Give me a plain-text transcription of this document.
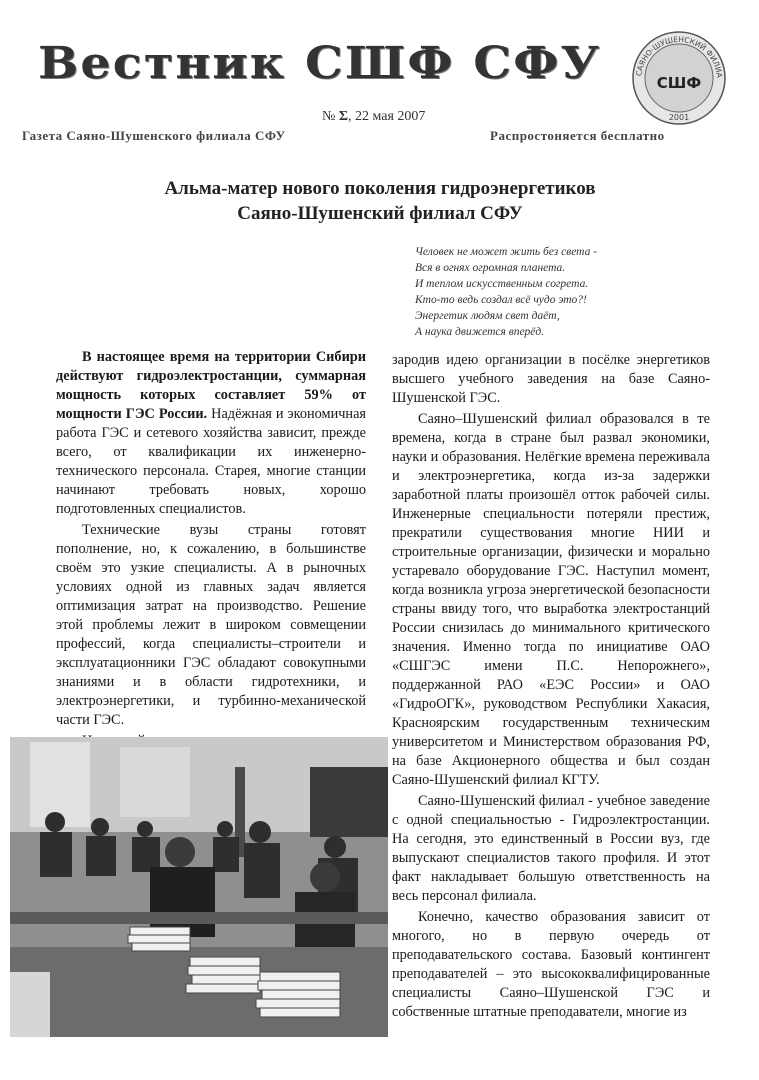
Вестник СШФ СФУ	САЯНО-ШУШЕНСКИЙ ФИЛИА
СШФ
2001
№ Σ, 22 мая 2007
Газета Саяно-Шушенского филиала СФУ	Распростоняется бесплатно
Альма-матер нового поколения гидроэнергетиков
Саяно-Шушенский филиал СФУ
Человек не может жить без света -
Вся в огнях огромная планета.
И теплом искусственным согрета.
Кто-то ведь создал всё чудо это?!
Энергетик людям свет даёт,
А наука движется вперёд.

В настоящее время на территории Сибири действуют гидроэлектростанции, суммарная мощность которых составляет 59% от мощности ГЭС России. Надёжная и экономичная работа ГЭС и сетевого хозяйства зависит, прежде всего, от квалификации их инженерно-технического персонала. Старея, многие станции начинают требовать новых, хорошо подготовленных специалистов.

Технические вузы страны готовят пополнение, но, к сожалению, в большинстве своём это узкие специалисты. А в рыночных условиях одной из главных задач является оптимизация затрат на производство. Решение этой проблемы лежит в широком совмещении профессий, когда специалисты–строители и эксплуатационники ГЭС обладают совокупными знаниями и в области гидротехники, и электроэнергетики, и турбинно-механической части ГЭС.

зародив идею организации в посёлке энергетиков высшего учебного заведения на базе Саяно-Шушенской ГЭС.

Саяно–Шушенский филиал образовался в те времена, когда в стране был развал экономики, науки и образования. Нелёгкие времена переживала и электроэнергетика, когда из-за задержки заработной платы произошёл отток рабочей силы. Инженерные специальности потеряли престиж, прекратили существования многие НИИ и строительные организации, физически и морально устаревало оборудование ГЭС. Наступил момент, когда возникла угроза энергетической безопасности страны ввиду того, что выработка электростанций России снизилась до минимального критического значения. Именно тогда по инициативе ОАО «СШГЭС имени П.С. Непорожнего», поддержанной РАО «ЕЭС России» и ОАО «ГидроОГК», руководством Республики Хакасия, Красноярским государственным техническим университетом и Министерством образования РФ, на базе Акционерного общества и был создан Саяно-Шушенский филиал КГТУ.

Саяно-Шушенский филиал - учебное заведение с одной специальностью - Гидроэлектростанции. На сегодня, это единственный в России вуз, где выпускают специалистов такого профиля. И этот факт накладывает большую ответственность на весь персонал филиала.

Конечно, качество образования зависит от многого, но в первую очередь от преподавательского состава. Базовый контингент преподавателей – это высококвалифицированные специалисты Саяно–Шушенской ГЭС и собственные штатные преподаватели, многие из
